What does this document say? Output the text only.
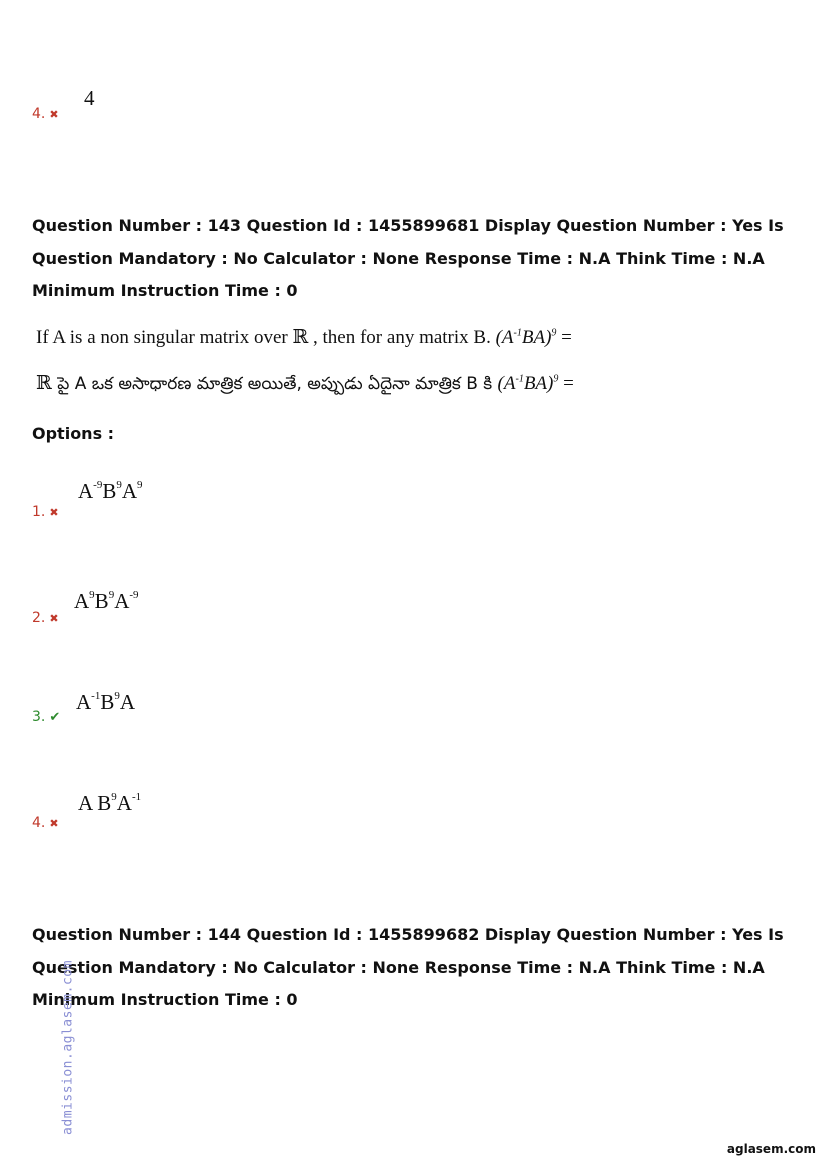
4. ✖
4
Question Number : 143 Question Id : 1455899681 Display Question Number : Yes Is Question Mandatory : No Calculator : None Response Time : N.A Think Time : N.A Minimum Instruction Time : 0
If A is a non singular matrix over ℝ , then for any matrix B. $(A^{-1}BA)^9$ =
ℝ పై A ఒక అసాధారణ మాత్రిక అయితే, అప్పుడు ఏదైనా మాత్రిక B కి $(A^{-1}BA)^9$ =
Options :
1. ✖
$A^{-9}B^9A^9$
2. ✖
$A^9B^9A^{-9}$
3. ✔
$A^{-1}B^9A$
4. ✖
A $B^9A^{-1}$
Question Number : 144 Question Id : 1455899682 Display Question Number : Yes Is Question Mandatory : No Calculator : None Response Time : N.A Think Time : N.A Minimum Instruction Time : 0
admission.aglasem.com
aglasem.com
